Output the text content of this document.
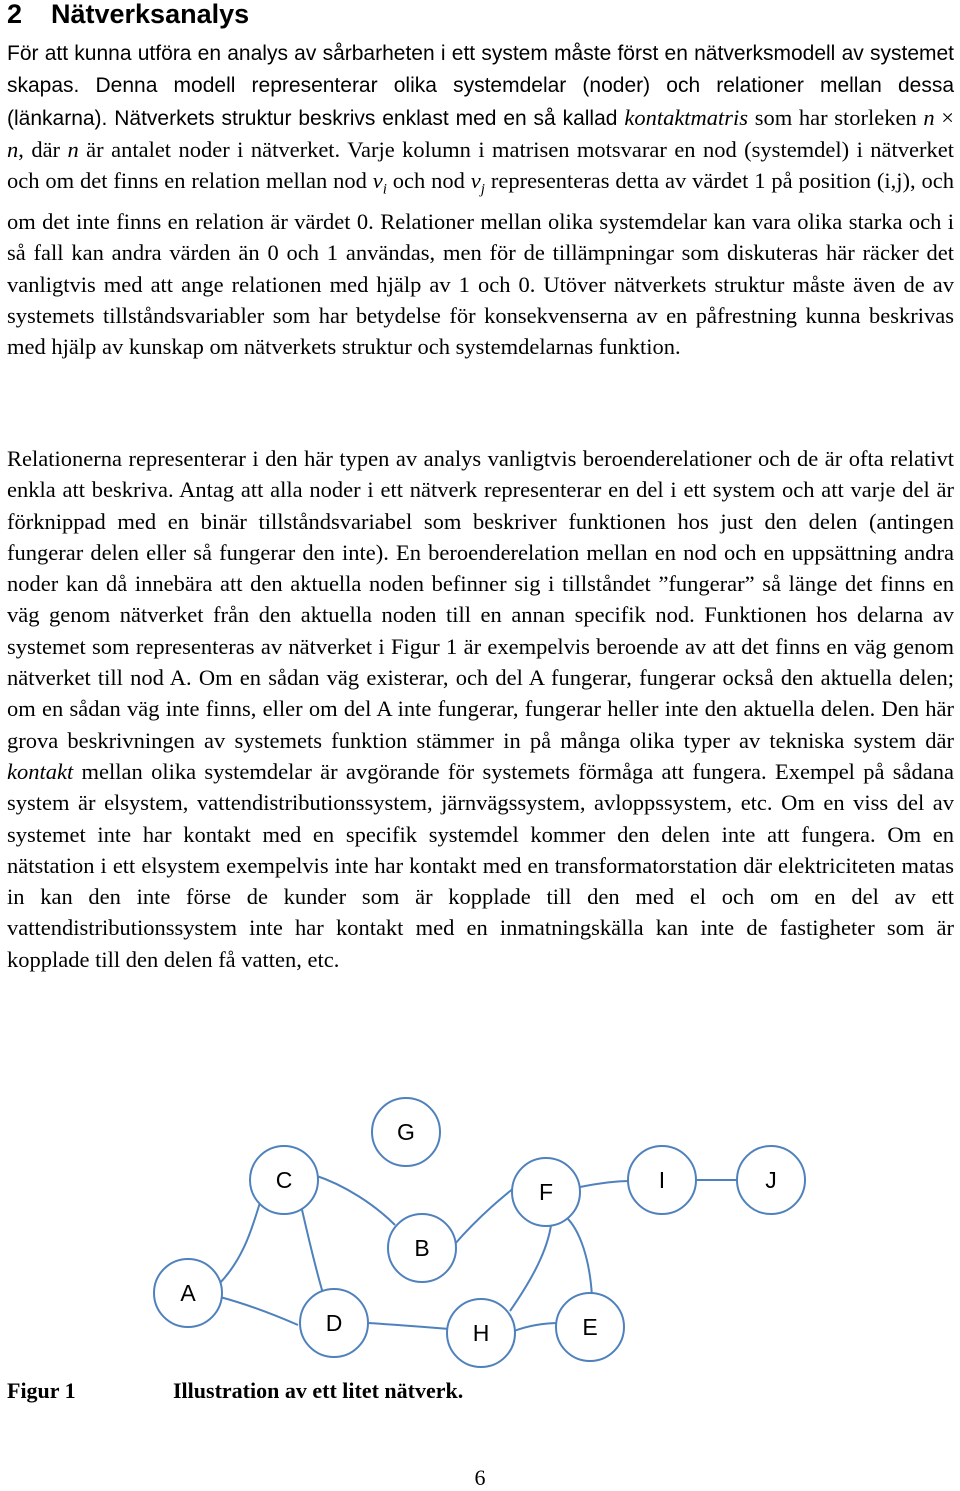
2 Nätverksanalys

För att kunna utföra en analys av sårbarheten i ett system måste först en nätverksmodell av systemet skapas. Denna modell representerar olika systemdelar (noder) och relationer mellan dessa (länkarna). Nätverkets struktur beskrivs enklast med en så kallad kontaktmatris som har storleken n × n, där n är antalet noder i nätverket. Varje kolumn i matrisen motsvarar en nod (systemdel) i nätverket och om det finns en relation mellan nod $v_i$ och nod $v_j$ representeras detta av värdet 1 på position (i,j), och om det inte finns en relation är värdet 0. Relationer mellan olika systemdelar kan vara olika starka och i så fall kan andra värden än 0 och 1 användas, men för de tillämpningar som diskuteras här räcker det vanligtvis med att ange relationen med hjälp av 1 och 0. Utöver nätverkets struktur måste även de av systemets tillståndsvariabler som har betydelse för konsekvenserna av en påfrestning kunna beskrivas med hjälp av kunskap om nätverkets struktur och systemdelarnas funktion.

Relationerna representerar i den här typen av analys vanligtvis beroenderelationer och de är ofta relativt enkla att beskriva. Antag att alla noder i ett nätverk representerar en del i ett system och att varje del är förknippad med en binär tillståndsvariabel som beskriver funktionen hos just den delen (antingen fungerar delen eller så fungerar den inte). En beroenderelation mellan en nod och en uppsättning andra noder kan då innebära att den aktuella noden befinner sig i tillståndet ”fungerar” så länge det finns en väg genom nätverket från den aktuella noden till en annan specifik nod. Funktionen hos delarna av systemet som representeras av nätverket i Figur 1 är exempelvis beroende av att det finns en väg genom nätverket till nod A. Om en sådan väg existerar, och del A fungerar, fungerar också den aktuella delen; om en sådan väg inte finns, eller om del A inte fungerar, fungerar heller inte den aktuella delen. Den här grova beskrivningen av systemets funktion stämmer in på många olika typer av tekniska system där kontakt mellan olika systemdelar är avgörande för systemets förmåga att fungera. Exempel på sådana system är elsystem, vattendistributionssystem, järnvägssystem, avloppssystem, etc. Om en viss del av systemet inte har kontakt med en specifik systemdel kommer den delen inte att fungera. Om en nätstation i ett elsystem exempelvis inte har kontakt med en transformatorstation där elektriciteten matas in kan den inte försе de kunder som är kopplade till den med el och om en del av ett vattendistributionssystem inte har kontakt med en inmatningskälla kan inte de fastigheter som är kopplade till den delen få vatten, etc.

A
B
C
D	E
F
G
H
I	J
Figur 1	Illustration av ett litet nätverk.
6
